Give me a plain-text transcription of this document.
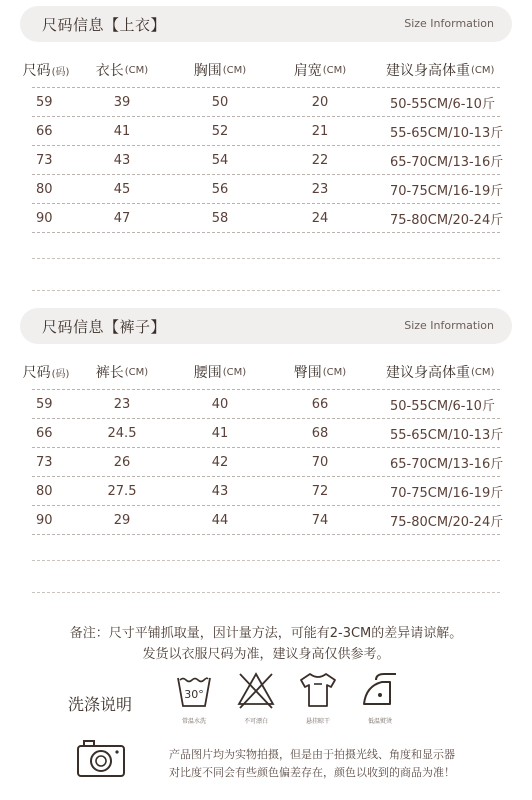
尺码信息【上衣】	Size Information
尺码 (码) 衣长 (CM)	胸围 (CM)	肩宽 (CM)	建议身高体重 (CM)
59	39	50	20	50-55CM/6-10斤
66	41	52	21	55-65CM/10-13斤
73	43	54	22	65-70CM/13-16斤
80	45	56	23	70-75CM/16-19斤
90	47	58	24	75-80CM/20-24斤
尺码信息【裤子】	Size Information
尺码 (码) 裤长 (CM)	腰围 (CM)	臀围 (CM)	建议身高体重 (CM)
59	23	40	66	50-55CM/6-10斤
66	24.5	41	68	55-65CM/10-13斤
73	26	42	70	65-70CM/13-16斤
80	27.5	43	72	70-75CM/16-19斤
90	29	44	74	75-80CM/20-24斤
备注：尺寸平铺抓取量，因计量方法，可能有2-3CM的差异请谅解。
发货以衣服尺码为准，建议身高仅供参考。
洗涤说明
30°
常温水洗	不可漂白	悬挂晾干	低温熨烫
产品图片均为实物拍摄，但是由于拍摄光线、角度和显示器
对比度不同会有些颜色偏差存在，颜色以收到的商品为准！
